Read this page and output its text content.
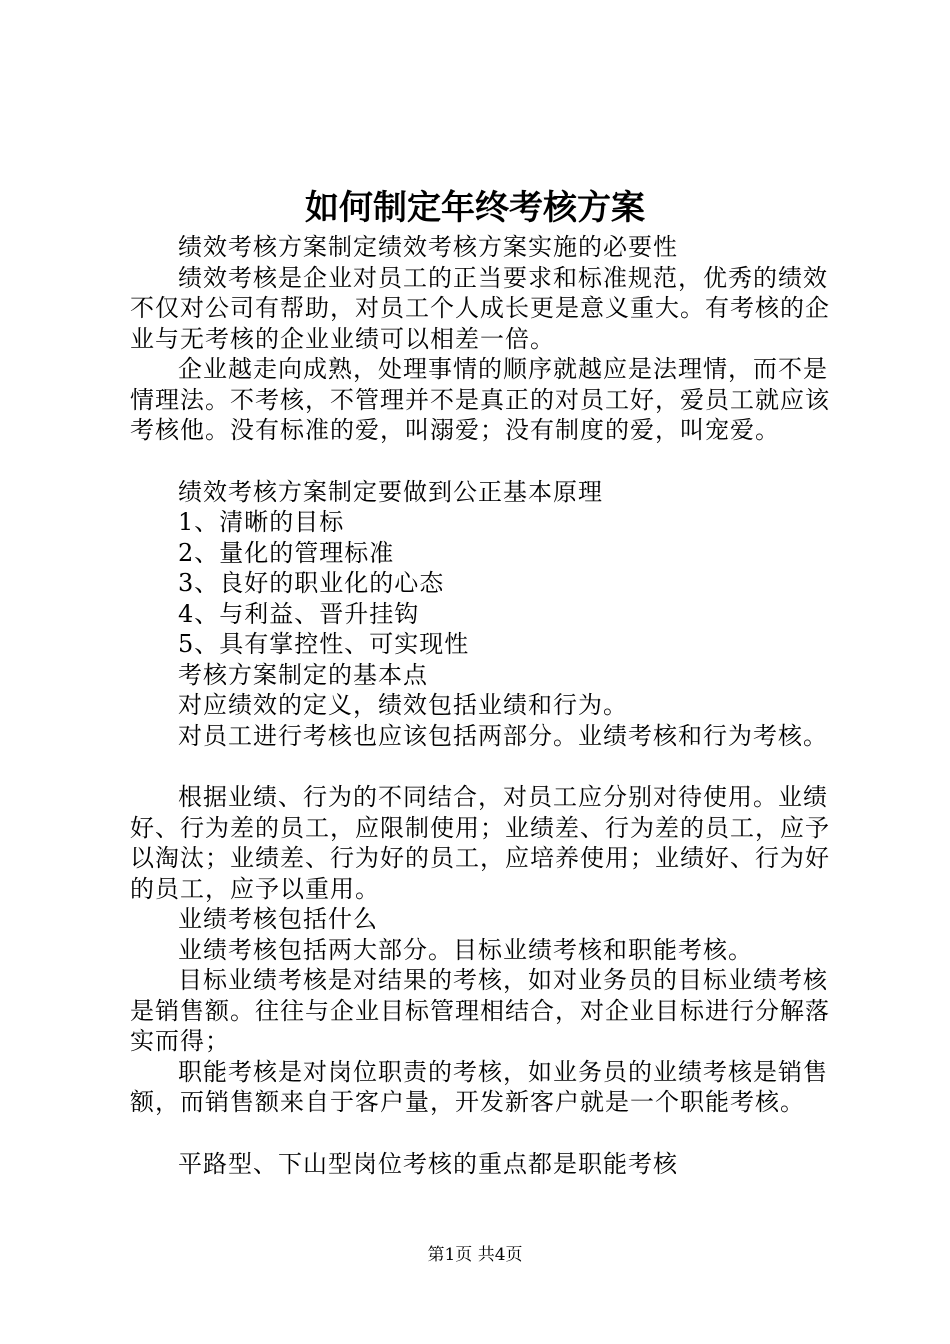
如何制定年终考核方案

绩效考核方案制定绩效考核方案实施的必要性

绩效考核是企业对员工的正当要求和标准规范，优秀的绩效不仅对公司有帮助，对员工个人成长更是意义重大。有考核的企业与无考核的企业业绩可以相差一倍。

企业越走向成熟，处理事情的顺序就越应是法理情，而不是情理法。不考核，不管理并不是真正的对员工好，爱员工就应该考核他。没有标准的爱，叫溺爱；没有制度的爱，叫宠爱。

绩效考核方案制定要做到公正基本原理

1、清晰的目标

2、量化的管理标准

3、良好的职业化的心态

4、与利益、晋升挂钩

5、具有掌控性、可实现性

考核方案制定的基本点

对应绩效的定义，绩效包括业绩和行为。

对员工进行考核也应该包括两部分。业绩考核和行为考核。

根据业绩、行为的不同结合，对员工应分别对待使用。业绩好、行为差的员工，应限制使用；业绩差、行为差的员工，应予以淘汰；业绩差、行为好的员工，应培养使用；业绩好、行为好的员工，应予以重用。

业绩考核包括什么

业绩考核包括两大部分。目标业绩考核和职能考核。

目标业绩考核是对结果的考核，如对业务员的目标业绩考核是销售额。往往与企业目标管理相结合，对企业目标进行分解落实而得；

职能考核是对岗位职责的考核，如业务员的业绩考核是销售额，而销售额来自于客户量，开发新客户就是一个职能考核。

平路型、下山型岗位考核的重点都是职能考核

第1页 共4页
